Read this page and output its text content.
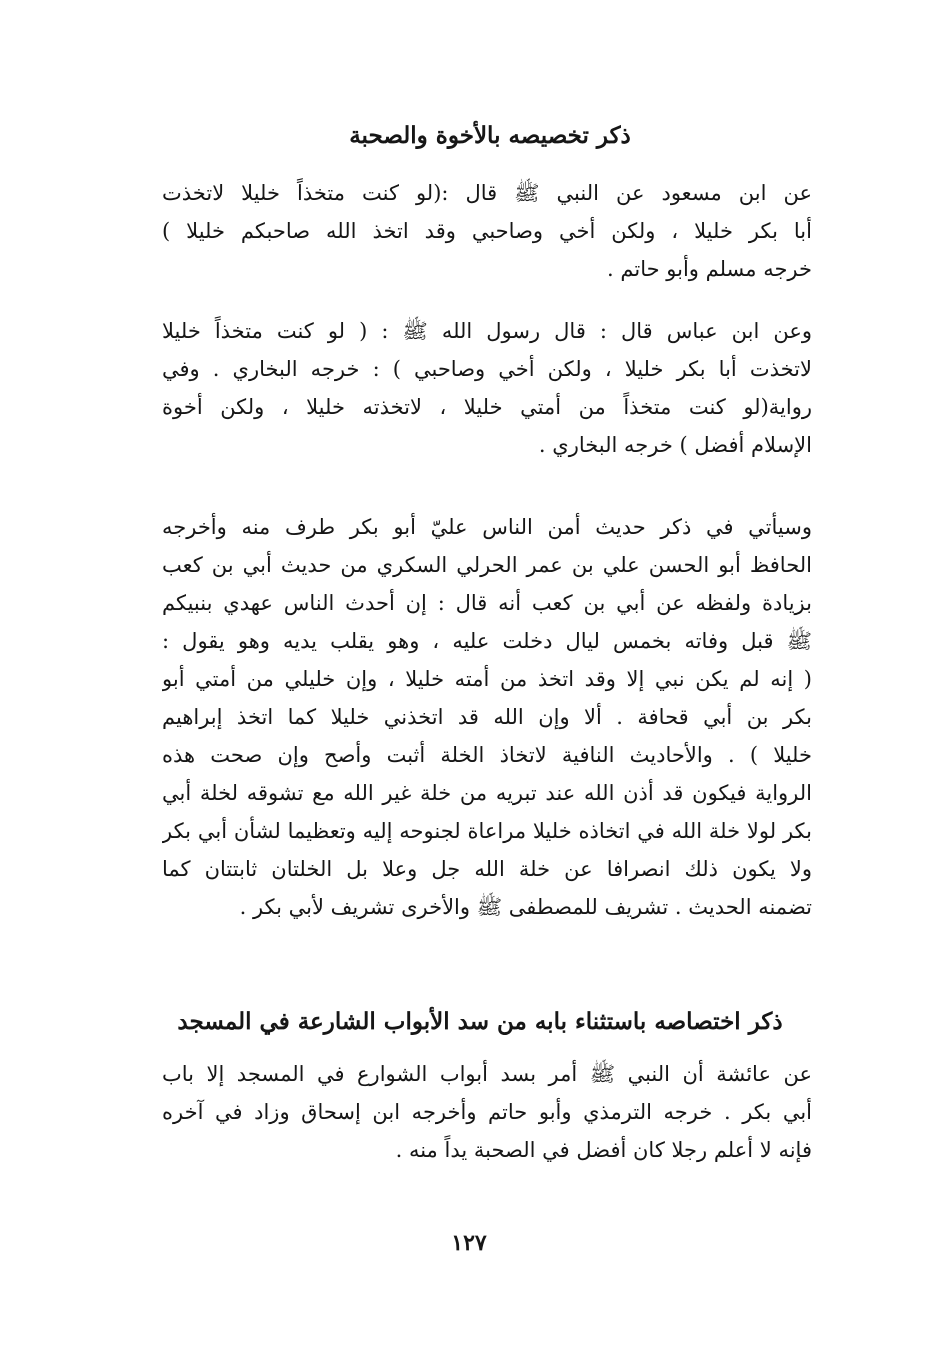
ذكر تخصيصه بالأخوة والصحبة
عن ابن مسعود عن النبي ﷺ قال :(لو كنت متخذاً خليلا لاتخذت
أبا بكر خليلا ، ولكن أخي وصاحبي وقد اتخذ الله صاحبكم خليلا )
خرجه مسلم وأبو حاتم .
وعن ابن عباس قال : قال رسول الله ﷺ : ( لو كنت متخذاً خليلا
لاتخذت أبا بكر خليلا ، ولكن أخي وصاحبي ) : خرجه البخاري . وفي
رواية(لو كنت متخذاً من أمتي خليلا ، لاتخذته خليلا ، ولكن أخوة
الإسلام أفضل ) خرجه البخاري .
وسيأتي في ذكر حديث أمن الناس عليّ أبو بكر طرف منه وأخرجه
الحافظ أبو الحسن علي بن عمر الحرلي السكري من حديث أبي بن كعب
بزيادة ولفظه عن أبي بن كعب أنه قال : إن أحدث الناس عهدي بنبيكم
ﷺ قبل وفاته بخمس ليال دخلت عليه ، وهو يقلب يديه وهو يقول :
( إنه لم يكن نبي إلا وقد اتخذ من أمته خليلا ، وإن خليلي من أمتي أبو
بكر بن أبي قحافة . ألا وإن الله قد اتخذني خليلا كما اتخذ إبراهيم
خليلا ) . والأحاديث النافية لاتخاذ الخلة أثبت وأصح وإن صحت هذه
الرواية فيكون قد أذن الله عند تبريه من خلة غير الله مع تشوقه لخلة أبي
بكر لولا خلة الله في اتخاذه خليلا مراعاة لجنوحه إليه وتعظيما لشأن أبي بكر
ولا يكون ذلك انصرافا عن خلة الله جل وعلا بل الخلتان ثابتتان كما
تضمنه الحديث . تشريف للمصطفى ﷺ والأخرى تشريف لأبي بكر .
ذكر اختصاصه باستثناء بابه من سد الأبواب الشارعة في المسجد
عن عائشة أن النبي ﷺ أمر بسد أبواب الشوارع في المسجد إلا باب
أبي بكر . خرجه الترمذي وأبو حاتم وأخرجه ابن إسحاق وزاد في آخره
فإنه لا أعلم رجلا كان أفضل في الصحبة يداً منه .
١٢٧
